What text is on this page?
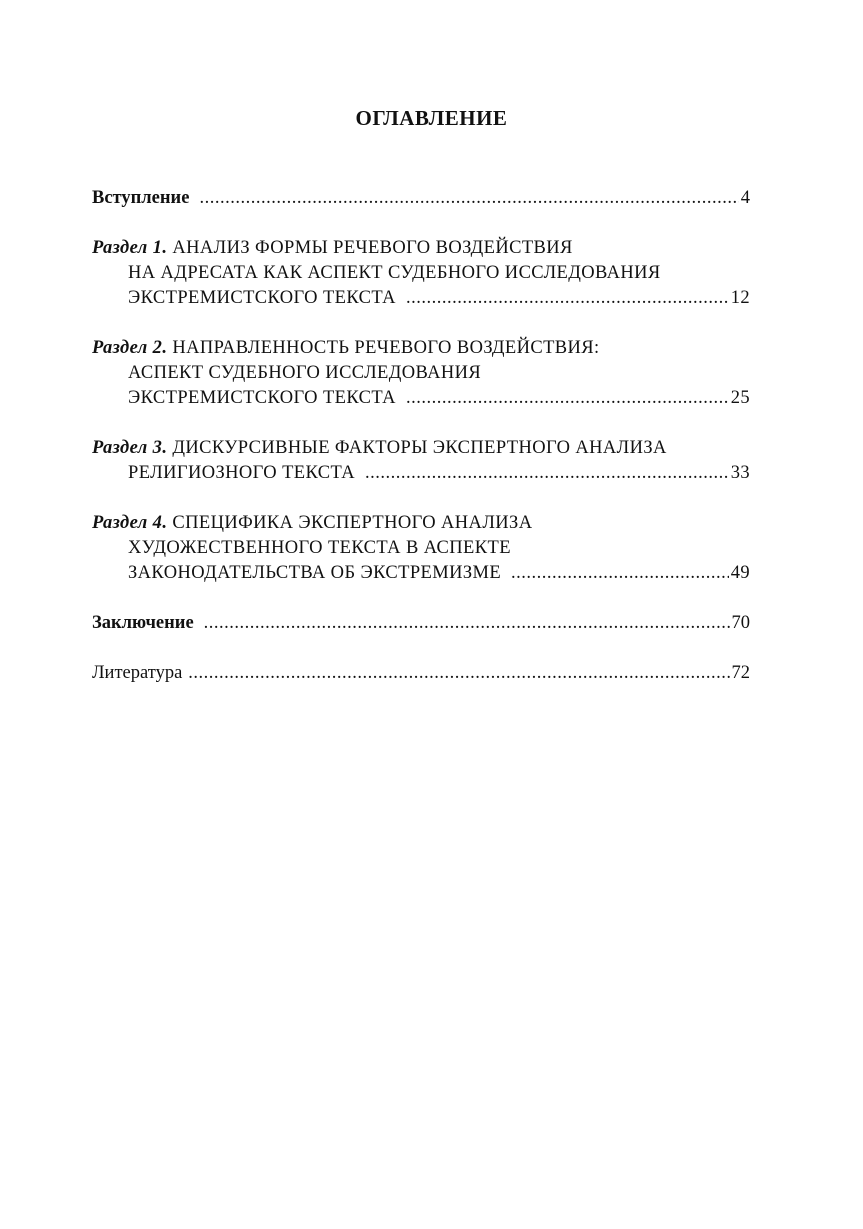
ОГЛАВЛЕНИЕ
Вступление .....	4
Раздел 1. АНАЛИЗ ФОРМЫ РЕЧЕВОГО ВОЗДЕЙСТВИЯ
НА АДРЕСАТА КАК АСПЕКТ СУДЕБНОГО ИССЛЕДОВАНИЯ
ЭКСТРЕМИСТСКОГО ТЕКСТА .....	12
Раздел 2. НАПРАВЛЕННОСТЬ РЕЧЕВОГО ВОЗДЕЙСТВИЯ:
АСПЕКТ СУДЕБНОГО ИССЛЕДОВАНИЯ
ЭКСТРЕМИСТСКОГО ТЕКСТА .....	25
Раздел 3. ДИСКУРСИВНЫЕ ФАКТОРЫ ЭКСПЕРТНОГО АНАЛИЗА
РЕЛИГИОЗНОГО ТЕКСТА .....	33
Раздел 4. СПЕЦИФИКА ЭКСПЕРТНОГО АНАЛИЗА
ХУДОЖЕСТВЕННОГО ТЕКСТА В АСПЕКТЕ
ЗАКОНОДАТЕЛЬСТВА ОБ ЭКСТРЕМИЗМЕ .....	49
Заключение .....	70
Литература .....	72
